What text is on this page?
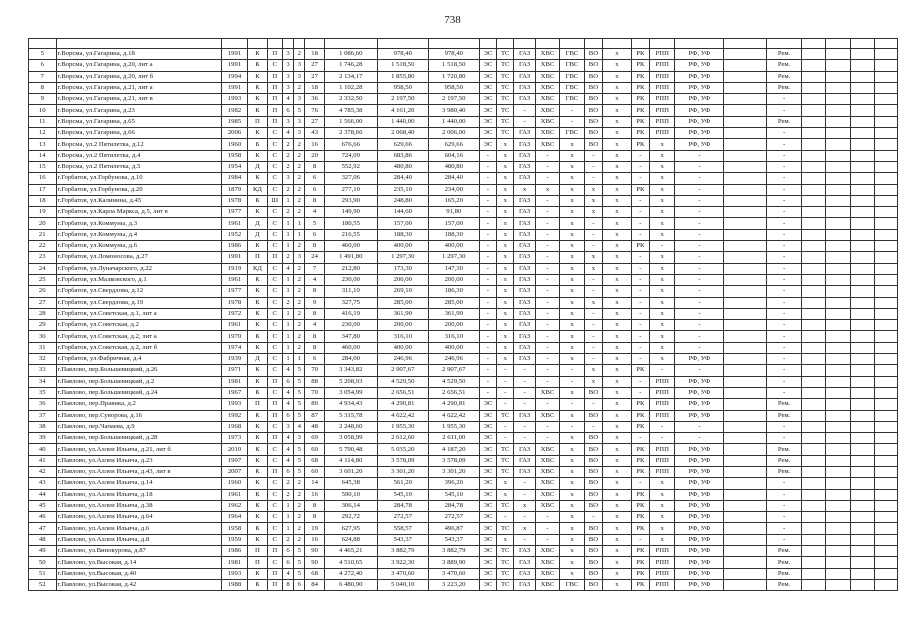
738

5	г.Ворсма, ул.Гагарина, д.18	1991	К	П	3	2	18	1 086,60	978,40	978,40	ЭС	ТС	ГАЗ	ХВС	ГВС	ВО	х	РК	РПП	РФ, УФ		Рем.				
6	г.Ворсма, ул.Гагарина, д.20, лит а	1991	К	С	3	3	27	1 746,28	1 518,50	1 518,50	ЭС	ТС	ГАЗ	ХВС	ГВС	ВО	х	РК	РПП	РФ, УФ		Рем.				
7	г.Ворсма, ул.Гагарина, д.20, лит б	1994	К	П	3	3	27	2 134,17	1 855,80	1 720,80	ЭС	ТС	ГАЗ	ХВС	ГВС	ВО	х	РК	РПП	РФ, УФ		Рем.				
8	г.Ворсма, ул.Гагарина, д.21, лит а	1991	К	П	3	2	18	1 102,28	958,50	958,50	ЭС	ТС	ГАЗ	ХВС	ГВС	ВО	х	РК	РПП	РФ, УФ		Рем.				
9	г.Ворсма, ул.Гагарина, д.21, лит в	1993	К	П	4	3	36	2 332,50	2 197,50	2 197,50	ЭС	ТС	ГАЗ	ХВС	ГВС	ВО	х	РК	РПП	РФ, УФ		-				
10	г.Ворсма, ул.Гагарина, д.23	1982	К	П	6	5	76	4 785,38	4 161,20	3 980,40	ЭС	ТС	-	ХВС	-	ВО	х	РК	РПП	РФ, УФ		-				
11	г.Ворсма, ул.Гагарина, д.65	1985	П	П	3	3	27	1 566,00	1 440,00	1 440,00	ЭС	ТС	-	ХВС	-	ВО	х	РК	РПП	РФ, УФ		Рем.				
12	г.Ворсма, ул.Гагарина, д.66	2006	К	С	4	3	43	2 378,66	2 068,40	2 006,00	ЭС	ТС	ГАЗ	ХВС	ГВС	ВО	х	РК	РПП	РФ, УФ		-				
13	г.Ворсма, ул.2 Пятилетка, д.12	1960	Б	С	2	2	16	676,66	629,66	629,66	ЭС	х	ГАЗ	ХВС	х	ВО	х	РК	х	РФ, УФ		-				
14	г.Ворсма, ул.2 Пятилетка, д.4	1958	К	С	2	2	20	724,09	683,86	604,16	-	х	ГАЗ	-	х	-	х	-	х	-		-				
15	г.Ворсма, ул.2 Пятилетка, д.5	1954	Д	С	2	2	8	552,92	480,80	480,80	-	х	ГАЗ	-	х	-	х	-	х	-		-				
16	г.Горбатов, ул.Горбунова, д.10	1984	К	С	3	2	6	327,06	284,40	284,40	-	х	ГАЗ	-	х	-	х	-	х	-		-				
17	г.Горбатов, ул.Горбунова, д.20	1879	КД	С	2	2	6	277,10	235,10	234,00	-	х	х	х	х	х	х	РК	х	-		-				
18	г.Горбатов, ул.Калинина, д.45	1978	К	Ш	1	2	8	293,90	248,80	165,20	-	х	ГАЗ	-	х	х	х	-	х	-		-				
19	г.Горбатов, ул.Карла Маркса, д.5, лит в	1977	К	С	2	2	4	149,90	144,60	91,80	-	х	ГАЗ	-	х	х	х	-	х	-		-				
20	г.Горбатов, ул.Коммуны, д.3	1961	Д	С	1	1	5	180,55	157,00	157,00	-	х	ГАЗ	-	х	-	х	-	х	-		-				
21	г.Горбатов, ул.Коммуны, д.4	1952	Д	С	1	1	6	216,55	188,30	188,30	-	х	ГАЗ	-	х	-	х	-	х	-		-				
22	г.Горбатов, ул.Коммуны, д.6	1986	К	С	1	2	8	460,00	400,00	400,00	-	х	ГАЗ	-	х	-	х	РК	-	-		-				
23	г.Горбатов, ул.Ломоносова, д.27	1991	П	П	2	3	24	1 491,80	1 297,30	1 297,30	-	х	ГАЗ	-	х	х	х	-	х	-		-				
24	г.Горбатов, ул.Луначарского, д.22	1919	КД	С	4	2	7	212,80	173,30	147,30	-	х	ГАЗ	-	х	х	х	-	х	-		-				
25	г.Горбатов, ул.Малковского, д.1	1961	К	С	1	2	4	230,00	200,00	200,00	-	х	ГАЗ	-	х	-	х	-	х	-		-				
26	г.Горбатов, ул.Свердлова, д.12	1977	К	С	1	2	8	311,10	269,10	186,30	-	х	ГАЗ	-	х	-	х	-	х	-		-				
27	г.Горбатов, ул.Свердлова, д.19	1978	К	С	2	2	9	327,75	285,00	285,00	-	х	ГАЗ	-	х	х	х	-	х	-		-				
28	г.Горбатов, ул.Советская, д.1, лит а	1972	К	С	1	2	8	416,19	361,90	361,90	-	х	ГАЗ	-	х	-	х	-	х	-		-				
29	г.Горбатов, ул.Советская, д.2	1961	К	С	1	2	4	230,00	200,00	200,00	-	х	ГАЗ	-	х	-	х	-	х	-		-				
30	г.Горбатов, ул.Советская, д.2, лит а	1970	К	С	1	2	8	347,80	316,10	316,10	-	х	ГАЗ	-	х	-	х	-	х	-		-				
31	г.Горбатов, ул.Советская, д.2, лит б	1974	К	С	1	2	8	460,00	400,00	400,00	-	х	ГАЗ	-	х	-	х	-	х	-		-				
32	г.Горбатов, ул.Фабричная, д.4	1939	Д	С	1	1	6	284,00	246,96	246,96	-	х	ГАЗ	-	х	-	х	-	х	РФ, УФ		-				
33	г.Павлово, пер.Большевицкий, д.26	1971	К	С	4	5	70	3 343,82	2 907,67	2 907,67	-	-	-	-	-	х	х	РК	-	-		-				
34	г.Павлово, пер.Большевицкий, д.2	1981	К	П	6	5	88	5 208,93	4 529,50	4 529,50	-	-	-	-	-	х	х	-	РПП	РФ, УФ		-				
35	г.Павлово, пер.Большевицкий, д.24	1967	К	С	4	5	70	3 054,99	2 656,51	2 656,51	-	-	-	ХВС	х	ВО	х	-	РПП	РФ, УФ		-				
36	г.Павлово, пер.Правика, д.2	1993	П	П	4	5	80	4 934,43	4 290,81	4 290,81	ЭС	-	-	-	-	-	х	РК	РПП	РФ, УФ		Рем.				
37	г.Павлово, пер.Суворова, д.16	1992	К	П	6	5	87	5 315,78	4 622,42	4 622,42	ЭС	ТС	ГАЗ	ХВС	х	ВО	х	РК	РПП	РФ, УФ		Рем.				
38	г.Павлово, пер.Чапаева, д.9	1968	К	С	3	4	48	2 248,60	1 955,30	1 955,30	ЭС	-	-	-	-	-	х	РК	-	-		-				
39	г.Павлово, пер.Большевицкий, д.28	1973	К	П	4	3	69	3 058,99	2 612,60	2 611,00	ЭС	-	-	-	х	ВО	х	-	-	-		-				
40	г.Павлово, ул.Аллеи Ильича, д.21, лит б	2010	К	С	4	5	60	5 790,48	5 035,20	4 187,20	ЭС	ТС	ГАЗ	ХВС	х	ВО	х	РК	РПП	РФ, УФ		Рем.				
41	г.Павлово, ул.Аллеи Ильича, д.23	1997	К	С	4	5	68	4 114,80	3 578,09	3 578,09	ЭС	ТС	ГАЗ	ХВС	х	ВО	х	РК	РПП	РФ, УФ		Рем.				
42	г.Павлово, ул.Аллеи Ильича, д.43, лит в	2007	К	П	6	5	60	3 601,20	3 301,20	3 301,20	ЭС	ТС	ГАЗ	ХВС	х	ВО	х	РК	РПП	РФ, УФ		Рем.				
43	г.Павлово, ул.Аллеи Ильича, д.14	1960	К	С	2	2	14	645,38	561,20	396,20	ЭС	х	-	ХВС	х	ВО	х	-	х	РФ, УФ		-				
44	г.Павлово, ул.Аллеи Ильича, д.18	1961	К	С	2	2	16	590,10	545,10	545,10	ЭС	х	-	ХВС	х	ВО	х	РК	х	РФ, УФ		-				
45	г.Павлово, ул.Аллеи Ильича, д.38	1962	К	С	1	2	8	306,14	284,78	284,78	ЭС	ТС	х	ХВС	х	ВО	х	РК	х	РФ, УФ		-				
46	г.Павлово, ул.Аллеи Ильича, д.64	1964	К	С	1	2	8	292,72	272,57	272,57	ЭС	-	-	-	х	-	х	РК	х	РФ, УФ		-				
47	г.Павлово, ул.Аллеи Ильича, д.6	1958	К	С	1	2	19	627,95	558,57	496,87	ЭС	ТС	х	-	х	ВО	х	РК	х	РФ, УФ		-				
48	г.Павлово, ул.Аллеи Ильича, д.8	1959	К	С	2	2	16	624,88	543,37	543,37	ЭС	х	-	-	х	ВО	х	-	х	РФ, УФ		-				
49	г.Павлово, ул.Винокурова, д.87	1986	П	П	6	5	90	4 465,21	3 882,79	3 882,79	ЭС	ТС	ГАЗ	ХВС	х	ВО	х	РК	РПП	РФ, УФ		Рем.				
50	г.Павлово, ул.Высокая, д.14	1981	П	С	6	5	90	4 510,65	3 922,30	3 889,90	ЭС	ТС	ГАЗ	ХВС	х	ВО	х	РК	РПП	РФ, УФ		Рем.				
51	г.Павлово, ул.Высокая, д.40	1993	К	П	4	5	68	4 272,40	3 470,60	3 470,60	ЭС	ТС	ГАЗ	ХВС	х	ВО	х	РК	РПП	РФ, УФ		Рем.				
52	г.Павлово, ул.Высокая, д.42	1988	К	П	8	6	84	6 480,90	5 040,10	3 223,20	ЭС	ТС	ГАЗ	ХВС	ГВС	ВО	х	РК	РПП	РФ, УФ		Рем.				
